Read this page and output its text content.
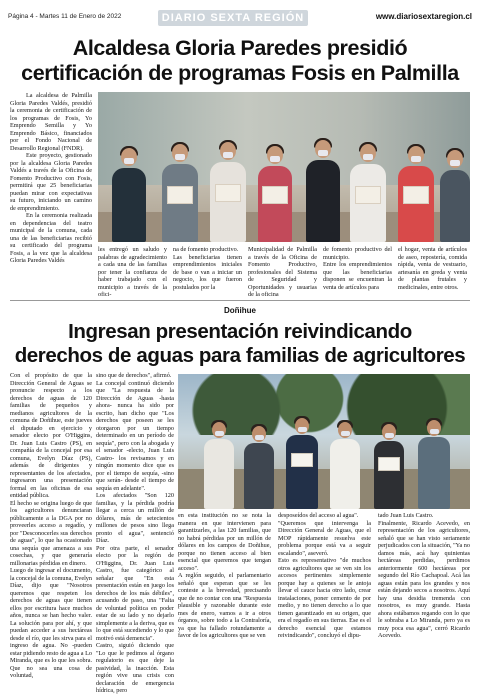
Página 4 - Martes 11 de Enero de 2022	DIARIO SEXTA REGIÓN	www.diariosextaregion.cl
Alcaldesa Gloria Paredes presidió
certificación de programas Fosis en Palmilla

La alcaldesa de Palmilla Gloria Paredes Valdés, presidió la ceremonia de certificación de los programas de Fosis, Yo Emprendo Semilla y Yo Emprendo Básico, financiados por el Fondo Nacional de Desarrollo Regional (FNDR).

Este proyecto, gestionado por la alcaldesa Gloria Paredes Valdés a través de la Oficina de Fomento Productivo con Fosis, permitirá que 25 beneficiarias puedan mirar con expectativas su futuro, iniciando un camino de emprendimiento.

En la ceremonia realizada en dependencias del teatro municipal de la comuna, cada una de las beneficiarias recibió su certificado del programa Fosis, a la vez que la alcaldesa Gloria Paredes Valdés

les entregó un saludo y palabras de agradecimiento a cada una de las familias por tener la confianza de haber trabajado con el municipio a través de la ofici-
na de fomento productivo.
Las beneficiarias tienen emprendimientos iniciales de base o van a iniciar un negocio, los que fueron postulados por la
Municipalidad de Palmilla a través de la Oficina de Fomento Productivo, profesionales del Sistema de Seguridad y Oportunidades y usuarias de la oficina
de fomento productivo del municipio.
Entre los emprendimientos que las beneficiarias disponen se encuentran la venta de artículos para
el hogar, venta de artículos de aseo, repostería, comida rápida, venta de vestuario, artesanía en greda y venta de plantas frutales y medicinales, entre otros.
Doñihue
Ingresan presentación reivindicando
derechos de aguas para familias de agricultores
Con el propósito de que la Dirección General de Aguas se pronuncie respecto a los derechos de aguas de 120 familias de pequeños y medianos agricultores de la comuna de Doñihue, este jueves el diputado en ejercicio y senador electo por O'Higgins, Dr. Juan Luis Castro (PS), en compañía de la concejal por esa comuna, Evelyn Díaz (PS), además de dirigentes y representantes de los afectados, ingresaron una presentación formal en las oficinas de esa entidad pública.
El hecho se origina luego de que los agricultores denunciaran públicamente a la DGA por no proveerles acceso a regadío, y por "Desconocerles sus derechos de aguas", lo que ha ocasionado una sequía que amenaza a sus cosechas, y que generaría millonarias pérdidas en dinero.
Luego de ingresar el documento, la concejal de la comuna, Evelyn Díaz, dijo que "Nosotros queremos que respeten los derechos de aguas que tienen ellos por escritura hace muchos años, nunca se han hecho valer. La solución para por ahí, y que puedan acceder a sus hectáreas desde el río, que les sirva para el ingreso de agua. No -pueden estar pidiendo resto de agua a Lo Miranda, que es lo que les sobra. Que no sea una cosa de voluntad,
sino que de derechos", afirmó.
La concejal continuó diciendo que "La respuesta de la Dirección de Aguas -hasta ahora- nunca ha sido por escrito, han dicho que "Los derechos que poseen se les otorgaron por un tiempo determinado en un período de sequía", pero con la abogada y el senador -electo, Juan Luis Castro- los revisamos y en ningún momento dice que es por el tiempo de sequía, -sino que serán- desde el tiempo de sequía en adelante".
Los afectados "Son 120 familias, y la pérdida podría llegar a cerca un millón de dólares, más de setecientos millones de pesos sino llega pronto el agua", sentenció Díaz.
Por otra parte, el senador electo por la región de O'Higgins, Dr. Juan Luis Castro, fue categórico al señalar que "En esta presentación están en juego los derechos de los más débiles", acusando de paso, una "Falta de voluntad política en poder estar de su lado y no dejarlo simplemente a la deriva, que es lo que está sucediendo y lo que motivó está demencia".
Castro, siguió diciendo que "Lo que le pedimos al órgano regulatorio es que deje la pasividad, la inacción. Esta región vive una crisis con declaración de emergencia hídrica, pero
en esta institución no se nota la manera en que intervienen para garantizarles, a las 120 familias, que no habrá pérdidas por un millón de dólares en los campos de Doñihue, porque no tienen acceso al bien esencial que queremos que tengan acceso".
A reglón seguido, el parlamentario señaló que esperan que se les conteste a la brevedad, precisando que de no contar con una "Respuesta plausible y razonable durante este mes de enero, vamos a ir a otros órganos, sobre todo a la Contraloría, ya que ha fallado rotundamente a favor de los agricultores que se ven
desposeídos del acceso al agua".
"Queremos que intervenga la Dirección General de Aguas, que el MOP rápidamente resuelva este problema porque está va a seguir escalando", aseveró.
Esto es representativo "de muchos otros agricultores que se ven sin los accesos pertinentes simplemente porque hay a quienes se le antoja llevar el cauce hacia otro lado, crear instalaciones, poner cemento de por medio, y no tienen derecho a lo que tienen garantizado en su origen, que era el regadío en sus tierras. Ese es el derecho esencial que estamos reivindicando", concluyó el dipu-
tado Juan Luis Castro.
Finalmente, Ricardo Acevedo, en representación de los agricultores, señaló que se han visto seriamente perjudicados con la situación, "Ya no damos más, acá hay quinientas hectáreas perdidas, perdimos anteriormente 600 hectáreas por segundo del Río Cachapoal. Acá las aguas están para los grandes y nos están dejando secos a nosotros. Aquí hay una desidia tremenda con nosotros, es muy grande. Hasta ahora estábamos regando con lo que le sobraba a Lo Miranda, pero ya es muy poca esa agua", cerró Ricardo Acevedo.
